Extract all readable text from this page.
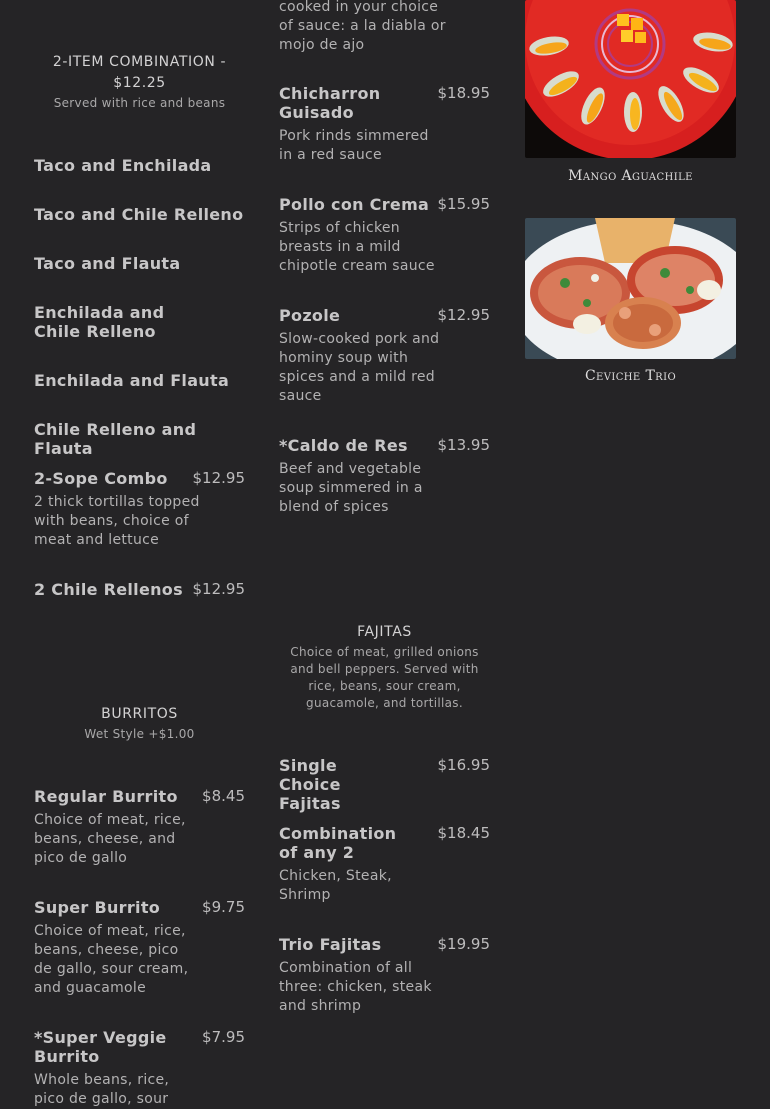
2-ITEM COMBINATION - $12.25
Served with rice and beans
Taco and Enchilada
Taco and Chile Relleno
Taco and Flauta
Enchilada and Chile Relleno
Enchilada and Flauta
Chile Relleno and Flauta
2-Sope Combo	$12.95
2 thick tortillas topped with beans, choice of meat and lettuce
2 Chile Rellenos $12.95
BURRITOS
Wet Style +$1.00
Regular Burrito	$8.45
Choice of meat, rice, beans, cheese, and pico de gallo
Super Burrito	$9.75
Choice of meat, rice, beans, cheese, pico de gallo, sour cream, and guacamole
*Super Veggie Burrito
$7.95
Whole beans, rice, pico de gallo, sour
cooked in your choice of sauce: a la diabla or mojo de ajo
Chicharron Guisado
$18.95
Pork rinds simmered in a red sauce
Pollo con Crema $15.95
Strips of chicken breasts in a mild chipotle cream sauce
Pozole	$12.95
Slow-cooked pork and hominy soup with spices and a mild red sauce
*Caldo de Res	$13.95
Beef and vegetable soup simmered in a blend of spices
FAJITAS
Choice of meat, grilled onions and bell peppers. Served with rice, beans, sour cream, guacamole, and tortillas.
Single Choice Fajitas
$16.95
Combination of any 2
$18.45
Chicken, Steak, Shrimp
Trio Fajitas	$19.95
Combination of all three: chicken, steak and shrimp
Mango Aguachile
Ceviche Trio
